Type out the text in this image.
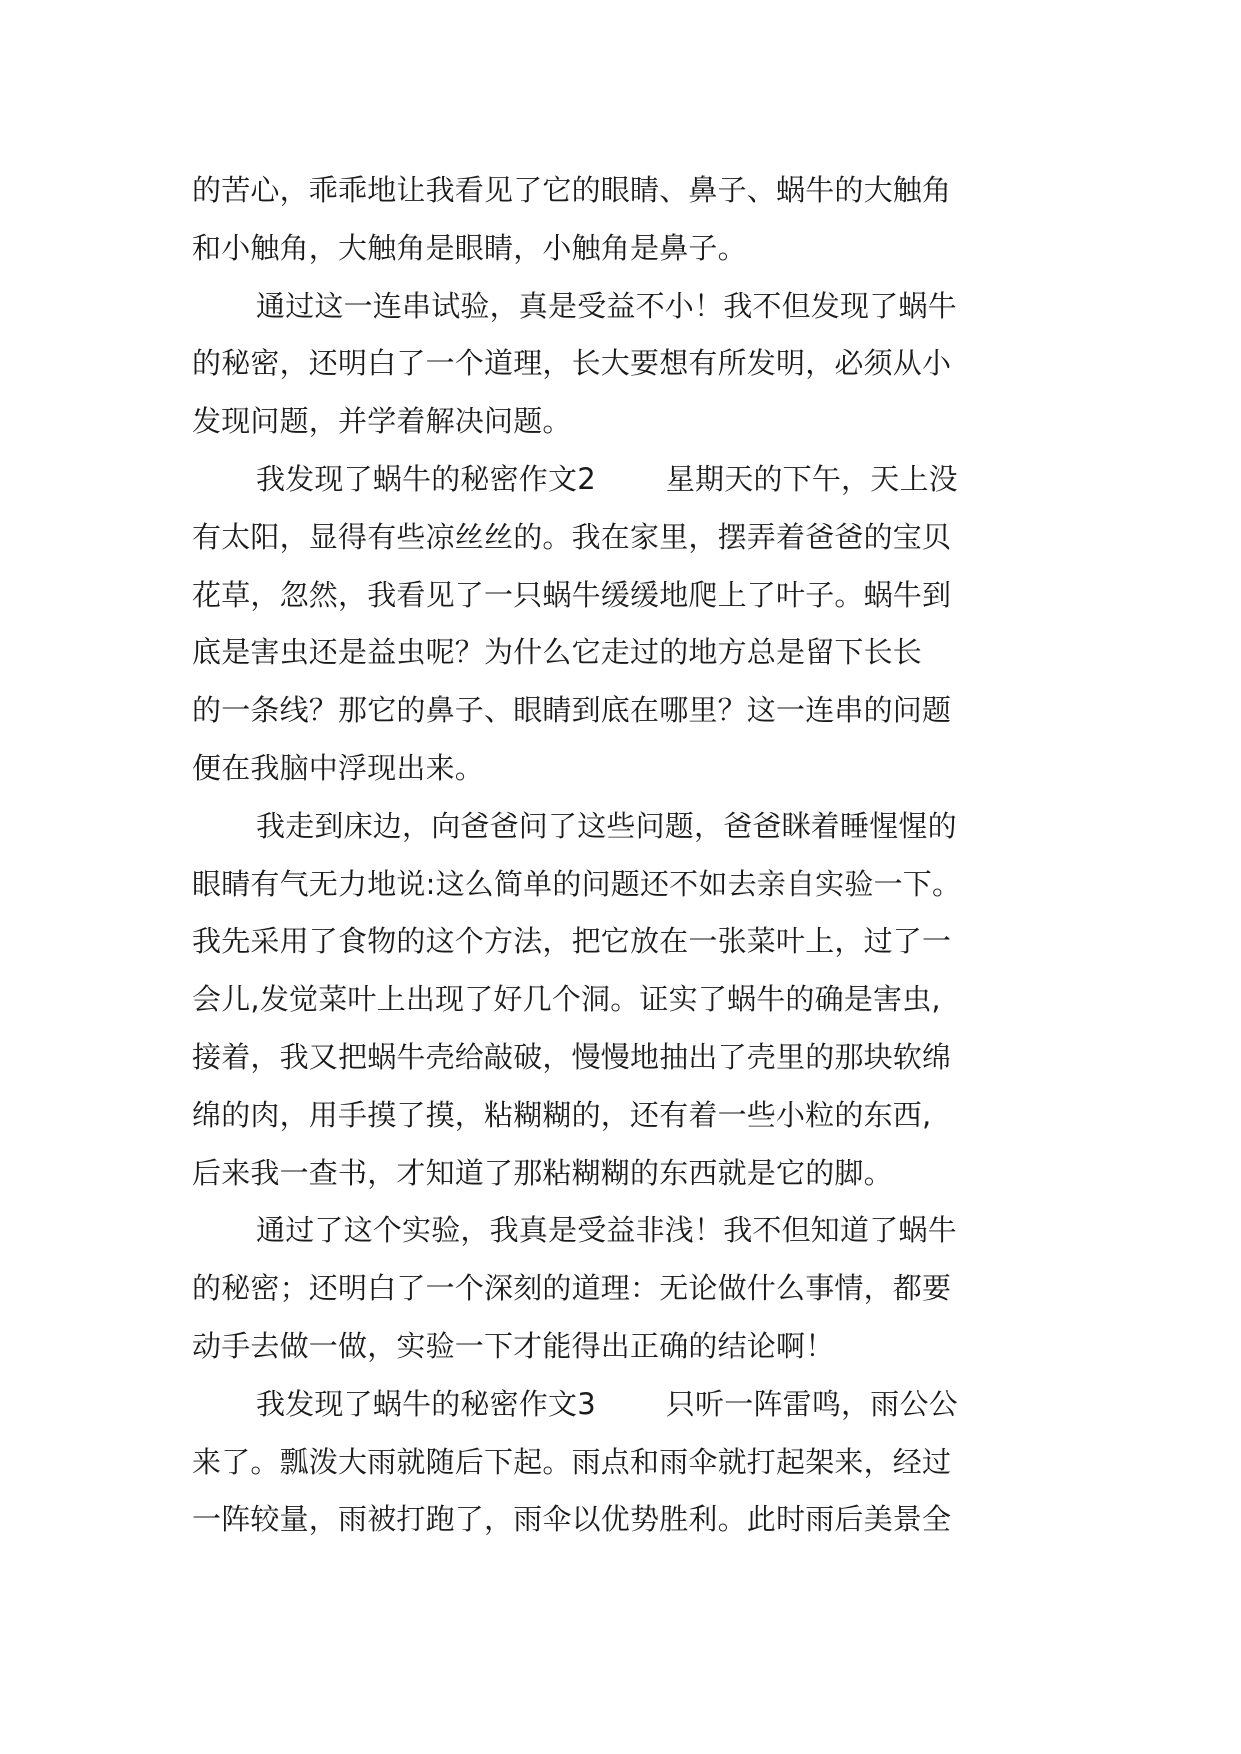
的苦心，乖乖地让我看见了它的眼睛、鼻子、蜗牛的大触角
和小触角，大触角是眼睛，小触角是鼻子。
通过这一连串试验，真是受益不小！我不但发现了蜗牛
的秘密，还明白了一个道理，长大要想有所发明，必须从小
发现问题，并学着解决问题。
我发现了蜗牛的秘密作文2 星期天的下午，天上没
有太阳，显得有些凉丝丝的。我在家里，摆弄着爸爸的宝贝
花草，忽然，我看见了一只蜗牛缓缓地爬上了叶子。蜗牛到
底是害虫还是益虫呢？为什么它走过的地方总是留下长长
的一条线？那它的鼻子、眼睛到底在哪里？这一连串的问题
便在我脑中浮现出来。
我走到床边，向爸爸问了这些问题，爸爸眯着睡惺惺的
眼睛有气无力地说:这么简单的问题还不如去亲自实验一下。
我先采用了食物的这个方法，把它放在一张菜叶上，过了一
会儿,发觉菜叶上出现了好几个洞。证实了蜗牛的确是害虫,
接着，我又把蜗牛壳给敲破，慢慢地抽出了壳里的那块软绵
绵的肉，用手摸了摸，粘糊糊的，还有着一些小粒的东西,
后来我一查书，才知道了那粘糊糊的东西就是它的脚。
通过了这个实验，我真是受益非浅！我不但知道了蜗牛
的秘密；还明白了一个深刻的道理：无论做什么事情，都要
动手去做一做，实验一下才能得出正确的结论啊！
我发现了蜗牛的秘密作文3 只听一阵雷鸣，雨公公
来了。瓢泼大雨就随后下起。雨点和雨伞就打起架来，经过
一阵较量，雨被打跑了，雨伞以优势胜利。此时雨后美景全
